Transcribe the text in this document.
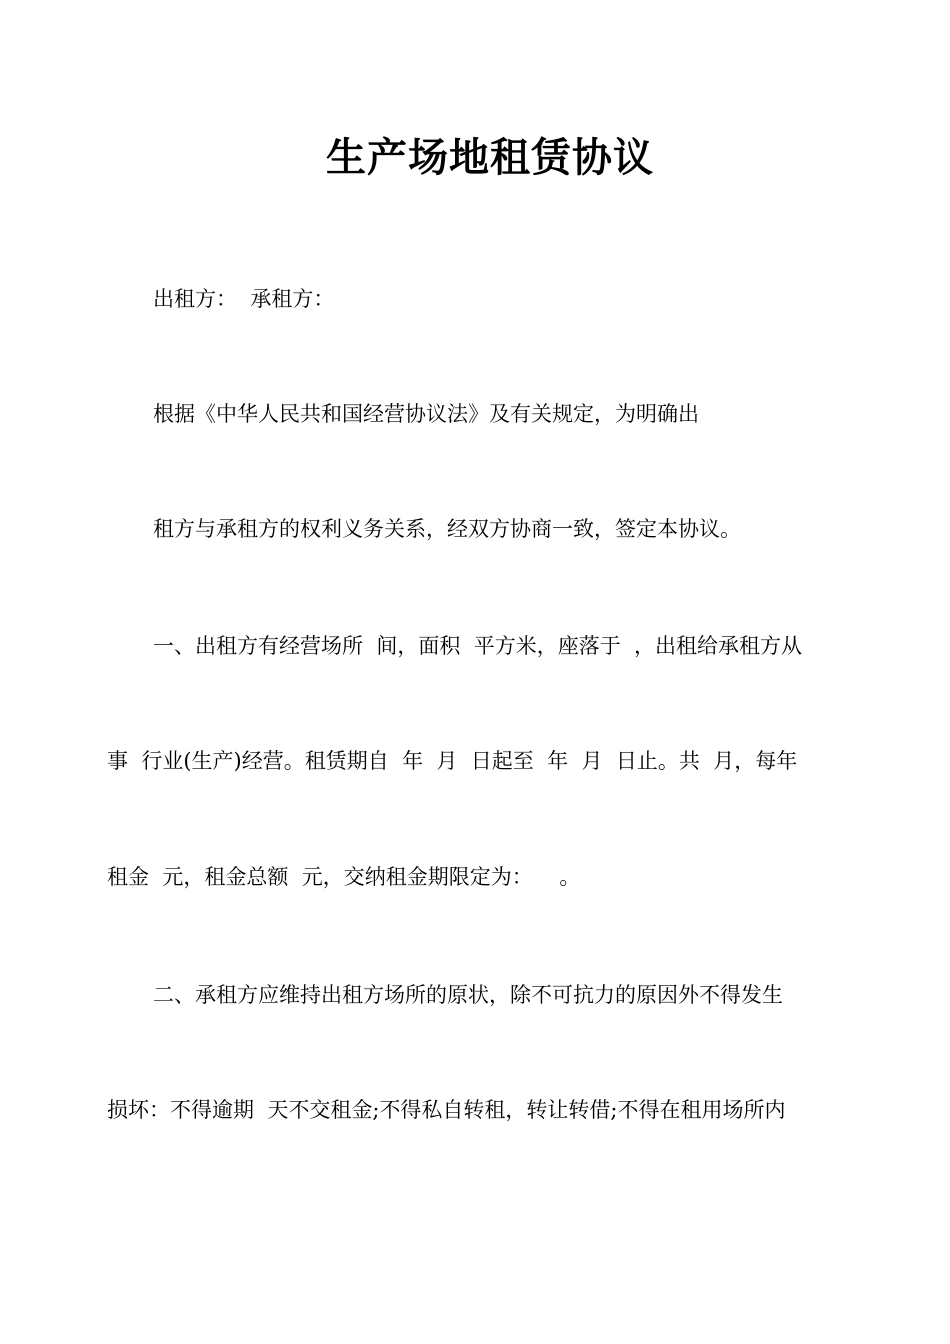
生产场地租赁协议
出租方：  承租方：
根据《中华人民共和国经营协议法》及有关规定，为明确出
租方与承租方的权利义务关系，经双方协商一致，签定本协议。
一、出租方有经营场所  间，面积  平方米，座落于  ，出租给承租方从
事  行业(生产)经营。租赁期自  年  月  日起至  年  月  日止。共  月，每年
租金  元，租金总额  元，交纳租金期限定为：    。
二、承租方应维持出租方场所的原状，除不可抗力的原因外不得发生
损坏：不得逾期  天不交租金;不得私自转租，转让转借;不得在租用场所内
